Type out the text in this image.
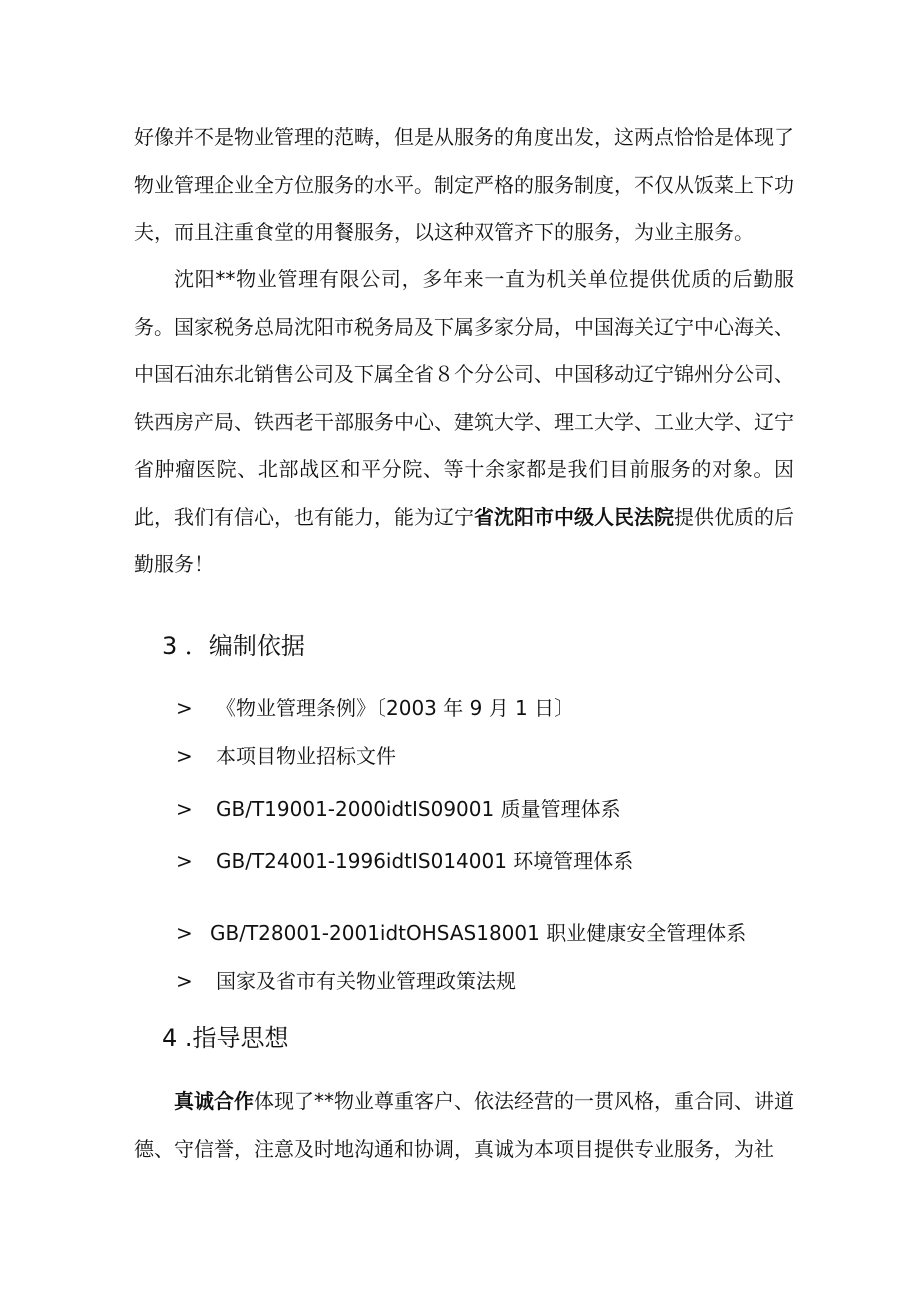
好像并不是物业管理的范畴，但是从服务的角度出发，这两点恰恰是体现了物业管理企业全方位服务的水平。制定严格的服务制度，不仅从饭菜上下功夫，而且注重食堂的用餐服务，以这种双管齐下的服务，为业主服务。

沈阳**物业管理有限公司，多年来一直为机关单位提供优质的后勤服务。国家税务总局沈阳市税务局及下属多家分局，中国海关辽宁中心海关、中国石油东北销售公司及下属全省８个分公司、中国移动辽宁锦州分公司、铁西房产局、铁西老干部服务中心、建筑大学、理工大学、工业大学、辽宁省肿瘤医院、北部战区和平分院、等十余家都是我们目前服务的对象。因此，我们有信心，也有能力，能为辽宁省沈阳市中级人民法院提供优质的后勤服务！

3 ．编制依据
> 《物业管理条例》〔2003 年 9 月 1 日〕
> 本项目物业招标文件
> GB/T19001-2000idtIS09001 质量管理体系
> GB/T24001-1996idtIS014001 环境管理体系
> GB/T28001-2001idtOHSAS18001 职业健康安全管理体系
> 国家及省市有关物业管理政策法规
4 .指导思想

真诚合作体现了**物业尊重客户、依法经营的一贯风格，重合同、讲道德、守信誉，注意及时地沟通和协调，真诚为本项目提供专业服务，为社
